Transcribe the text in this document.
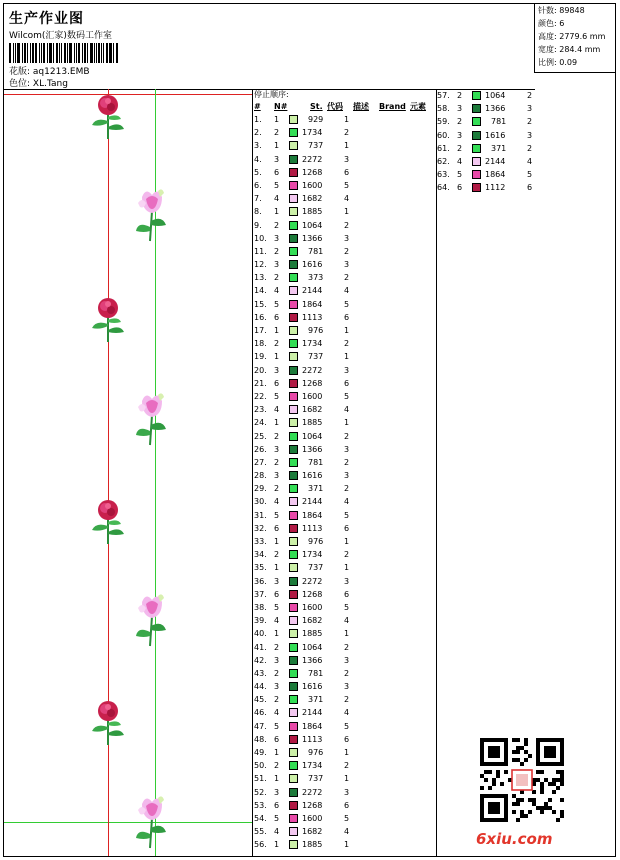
生产作业图
Wilcom(汇家)数码工作室
花版: aq1213.EMB
色位: XL.Tang
针数: 89848
颜色: 6
高度: 2779.6 mm
宽度: 284.4 mm
比例: 0.09
停止顺序:
# N#	St. 代码 描述 Brand 元素
1. 1	929	1
2. 2	1734	2
3. 1	737	1
4. 3	2272	3
5. 6	1268	6
6. 5	1600	5
7. 4	1682	4
8. 1	1885	1
9. 2	1064	2
10. 3	1366	3
11. 2	781	2
12. 3	1616	3
13. 2	373	2
14. 4	2144	4
15. 5	1864	5
16. 6	1113	6
17. 1	976	1
18. 2	1734	2
19. 1	737	1
20. 3	2272	3
21. 6	1268	6
22. 5	1600	5
23. 4	1682	4
24. 1	1885	1
25. 2	1064	2
26. 3	1366	3
27. 2	781	2
28. 3	1616	3
29. 2	371	2
30. 4	2144	4
31. 5	1864	5
32. 6	1113	6
33. 1	976	1
34. 2	1734	2
35. 1	737	1
36. 3	2272	3
37. 6	1268	6
38. 5	1600	5
39. 4	1682	4
40. 1	1885	1
41. 2	1064	2
42. 3	1366	3
43. 2	781	2
44. 3	1616	3
45. 2	371	2
46. 4	2144	4
47. 5	1864	5
48. 6	1113	6
49. 1	976	1
50. 2	1734	2
51. 1	737	1
52. 3	2272	3
53. 6	1268	6
54. 5	1600	5
55. 4	1682	4
56. 1	1885	1
57. 2	1064	2
58. 3	1366	3
59. 2	781	2
60. 3	1616	3
61. 2	371	2
62. 4	2144	4
63. 5	1864	5
64. 6	1112	6
6xiu.com
